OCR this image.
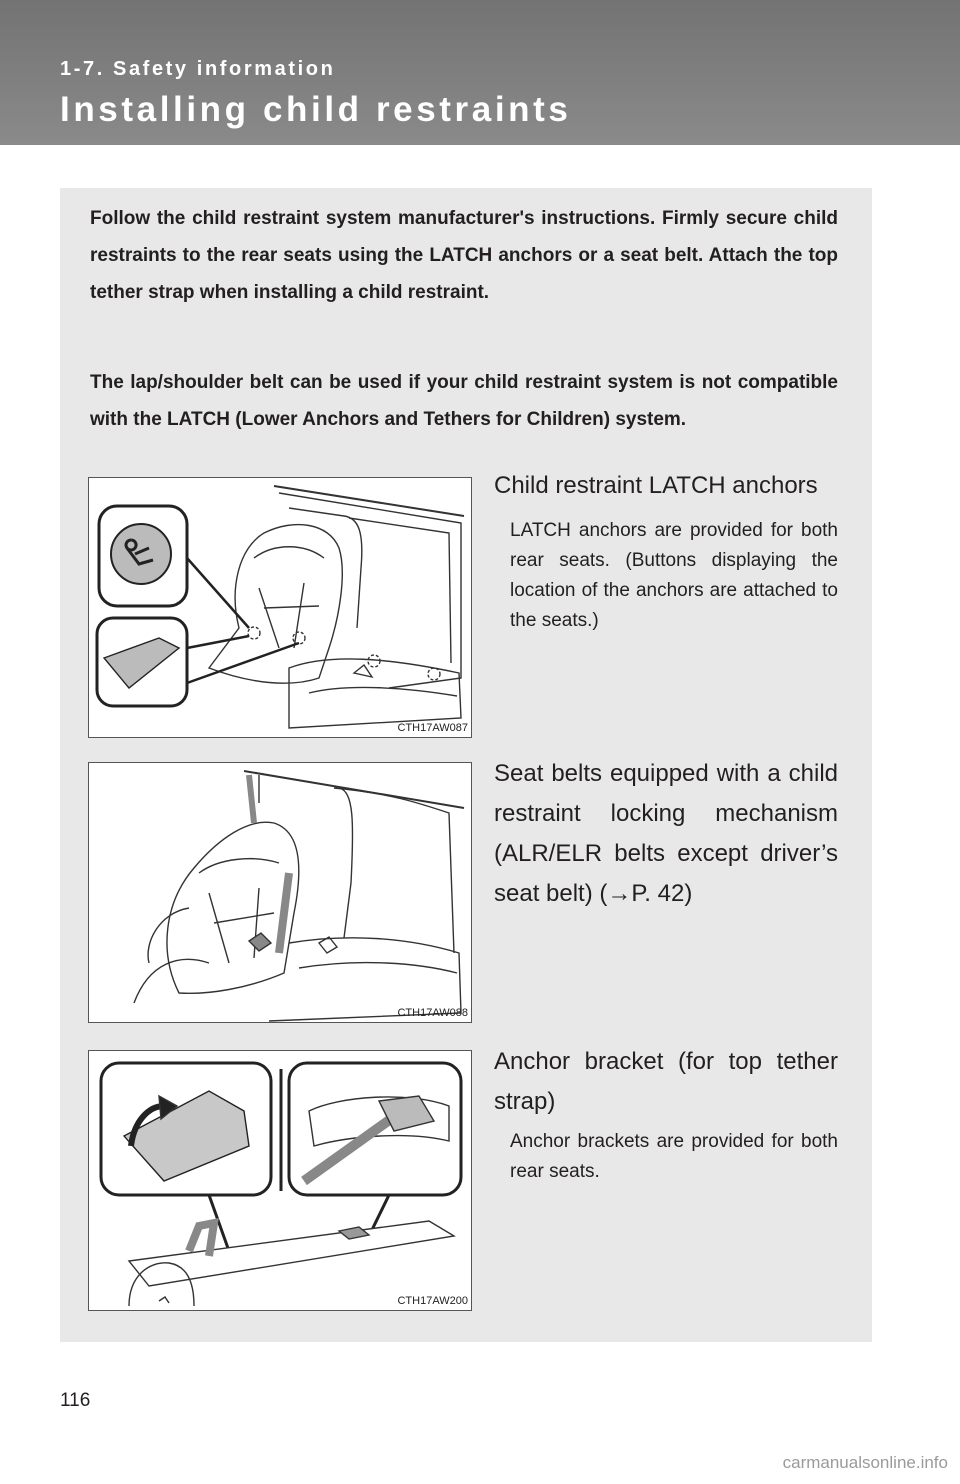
1-7. Safety information
Installing child restraints

Follow the child restraint system manufacturer's instructions. Firmly secure child restraints to the rear seats using the LATCH anchors or a seat belt. Attach the top tether strap when installing a child restraint.

The lap/shoulder belt can be used if your child restraint system is not compatible with the LATCH (Lower Anchors and Tethers for Children) system.

CTH17AW087
Child restraint LATCH anchors

LATCH anchors are provided for both rear seats. (Buttons displaying the location of the anchors are attached to the seats.)

CTH17AW088
Seat belts equipped with a child restraint locking mechanism (ALR/ELR belts except driver’s seat belt) (→P. 42)
CTH17AW200
Anchor bracket (for top tether strap)

Anchor brackets are provided for both rear seats.

116
carmanualsonline.info
